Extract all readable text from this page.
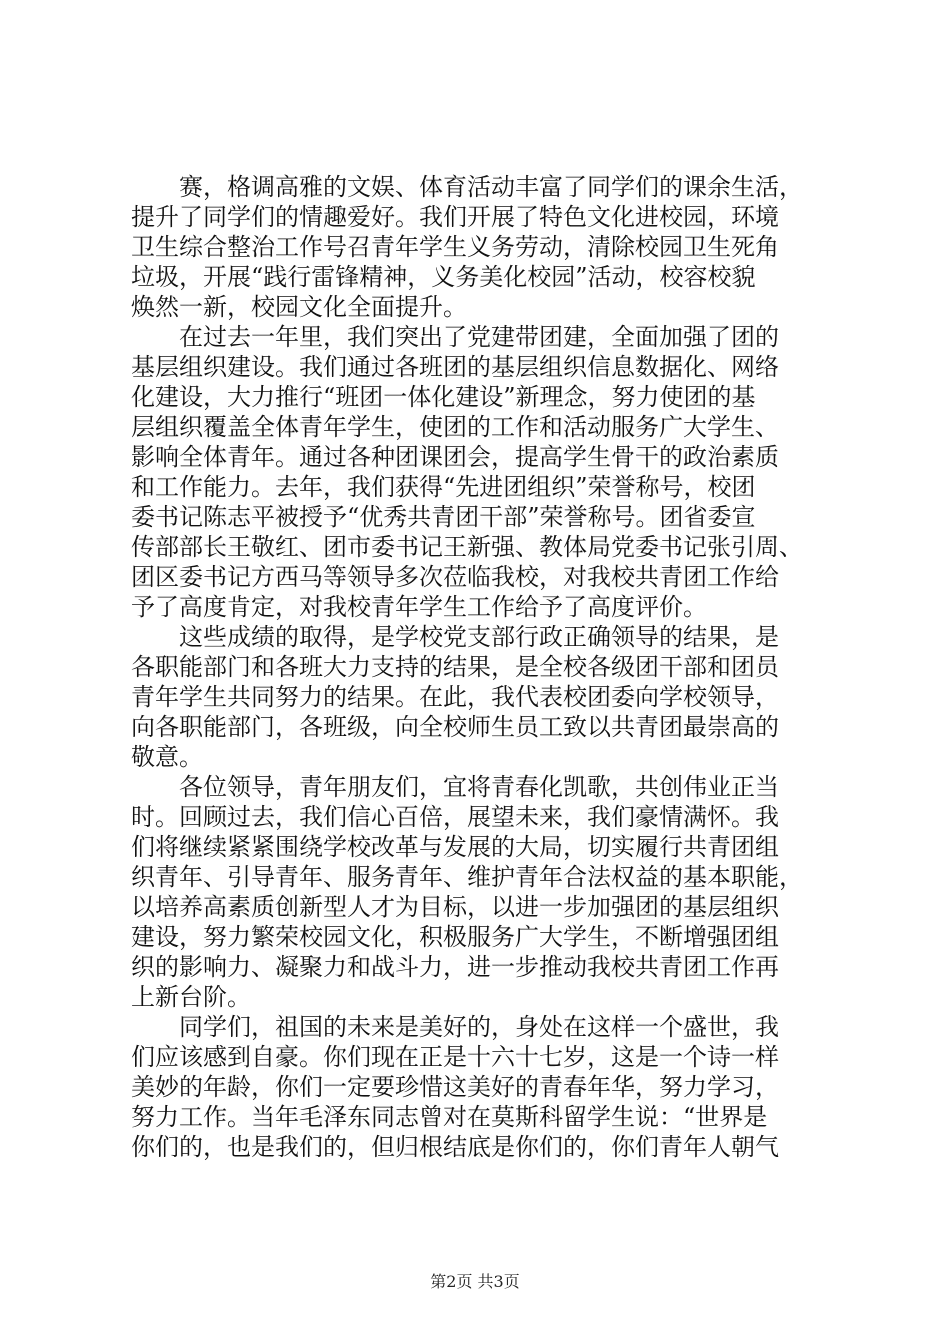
赛，格调高雅的文娱、体育活动丰富了同学们的课余生活，
提升了同学们的情趣爱好。我们开展了特色文化进校园，环境
卫生综合整治工作号召青年学生义务劳动，清除校园卫生死角
垃圾，开展“践行雷锋精神，义务美化校园”活动，校容校貌
焕然一新，校园文化全面提升。
在过去一年里，我们突出了党建带团建，全面加强了团的
基层组织建设。我们通过各班团的基层组织信息数据化、网络
化建设，大力推行“班团一体化建设”新理念，努力使团的基
层组织覆盖全体青年学生，使团的工作和活动服务广大学生、
影响全体青年。通过各种团课团会，提高学生骨干的政治素质
和工作能力。去年，我们获得“先进团组织”荣誉称号，校团
委书记陈志平被授予“优秀共青团干部”荣誉称号。团省委宣
传部部长王敬红、团市委书记王新强、教体局党委书记张引周、
团区委书记方西马等领导多次莅临我校，对我校共青团工作给
予了高度肯定，对我校青年学生工作给予了高度评价。
这些成绩的取得，是学校党支部行政正确领导的结果，是
各职能部门和各班大力支持的结果，是全校各级团干部和团员
青年学生共同努力的结果。在此，我代表校团委向学校领导，
向各职能部门，各班级，向全校师生员工致以共青团最崇高的
敬意。
各位领导，青年朋友们，宜将青春化凯歌，共创伟业正当
时。回顾过去，我们信心百倍，展望未来，我们豪情满怀。我
们将继续紧紧围绕学校改革与发展的大局，切实履行共青团组
织青年、引导青年、服务青年、维护青年合法权益的基本职能，
以培养高素质创新型人才为目标，以进一步加强团的基层组织
建设，努力繁荣校园文化，积极服务广大学生，不断增强团组
织的影响力、凝聚力和战斗力，进一步推动我校共青团工作再
上新台阶。
同学们，祖国的未来是美好的，身处在这样一个盛世，我
们应该感到自豪。你们现在正是十六十七岁，这是一个诗一样
美妙的年龄，你们一定要珍惜这美好的青春年华，努力学习，
努力工作。当年毛泽东同志曾对在莫斯科留学生说：“世界是
你们的，也是我们的，但归根结底是你们的，你们青年人朝气
第2页 共3页
